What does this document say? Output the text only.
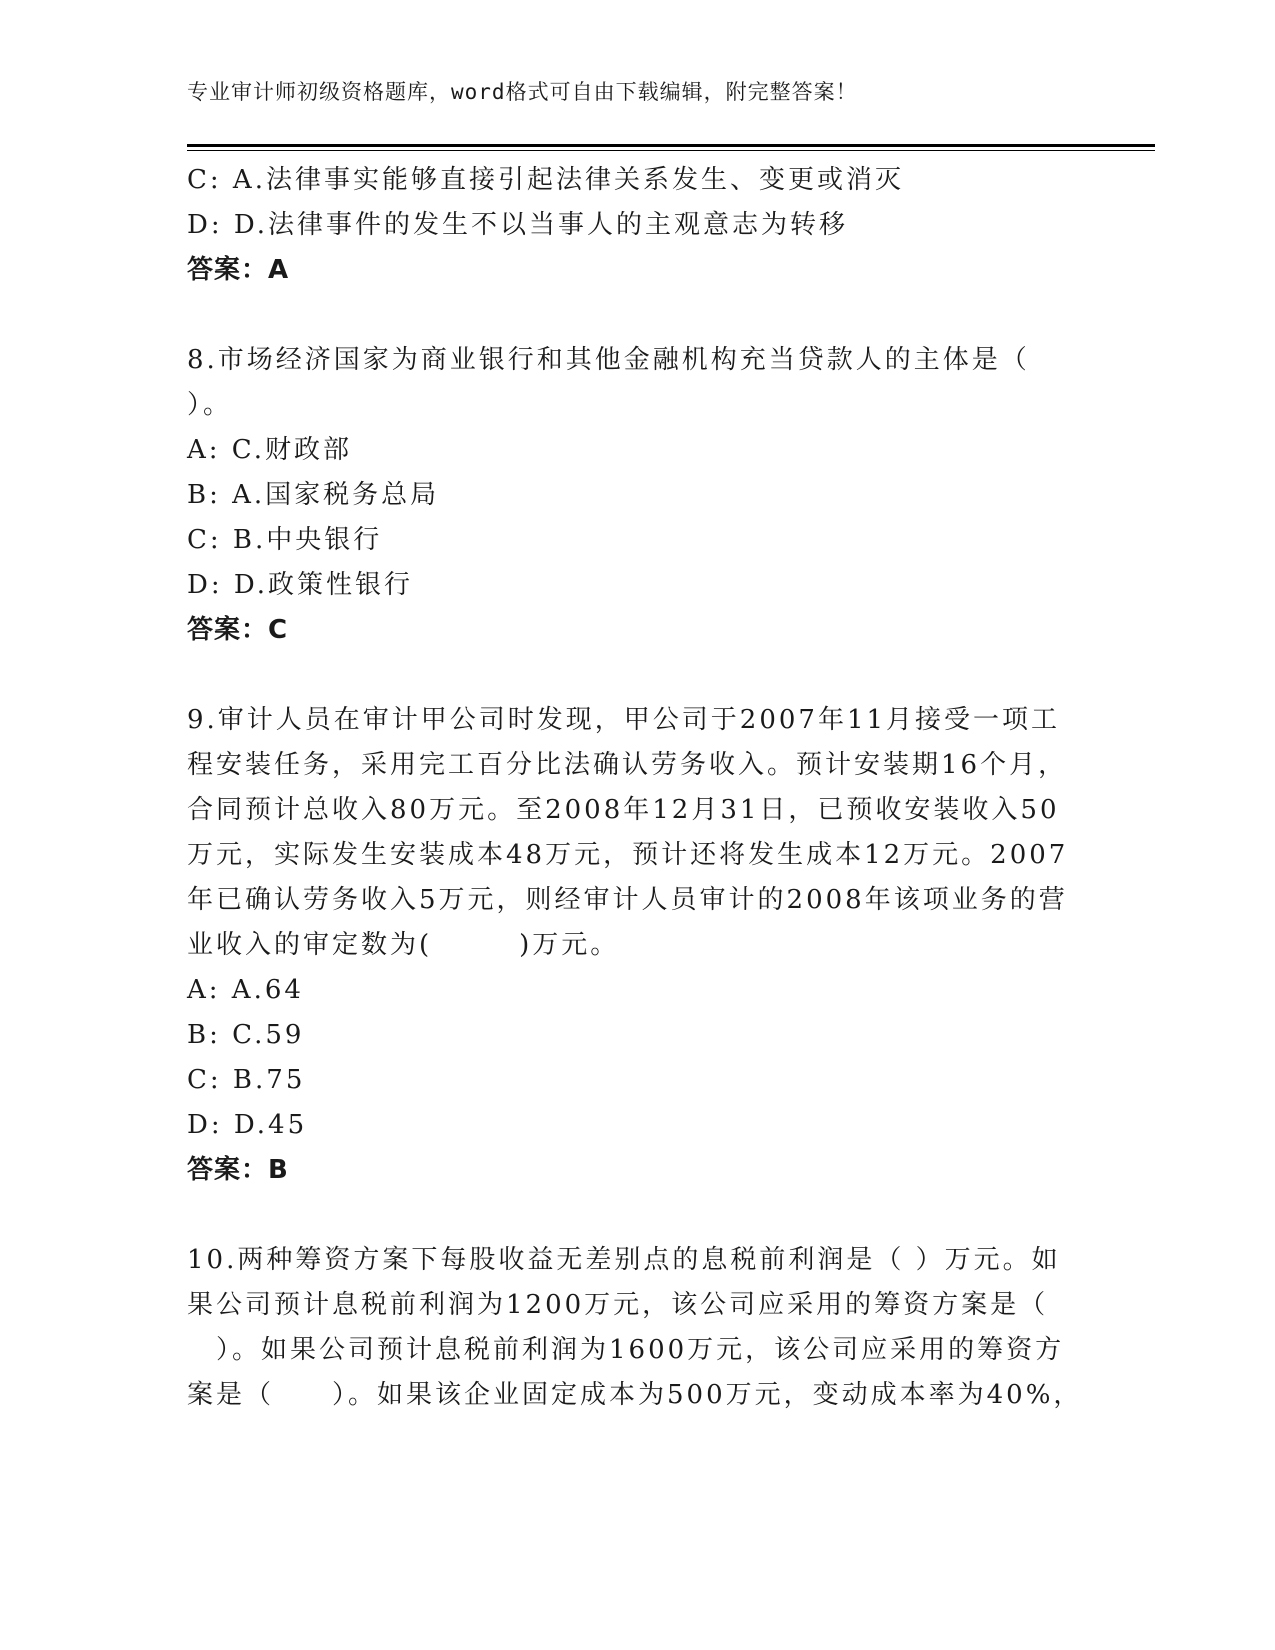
专业审计师初级资格题库，word格式可自由下载编辑，附完整答案！
C: A.法律事实能够直接引起法律关系发生、变更或消灭
D: D.法律事件的发生不以当事人的主观意志为转移
答案：A
8.市场经济国家为商业银行和其他金融机构充当贷款人的主体是（
）。
A: C.财政部
B: A.国家税务总局
C: B.中央银行
D: D.政策性银行
答案：C
9.审计人员在审计甲公司时发现，甲公司于2007年11月接受一项工
程安装任务，采用完工百分比法确认劳务收入。预计安装期16个月，
合同预计总收入80万元。至2008年12月31日，已预收安装收入50
万元，实际发生安装成本48万元，预计还将发生成本12万元。2007
年已确认劳务收入5万元，则经审计人员审计的2008年该项业务的营
业收入的审定数为(　　　)万元。
A: A.64
B: C.59
C: B.75
D: D.45
答案：B
10.两种筹资方案下每股收益无差别点的息税前利润是（ ）万元。如
果公司预计息税前利润为1200万元，该公司应采用的筹资方案是（
　）。如果公司预计息税前利润为1600万元，该公司应采用的筹资方
案是（　　）。如果该企业固定成本为500万元，变动成本率为40%，
